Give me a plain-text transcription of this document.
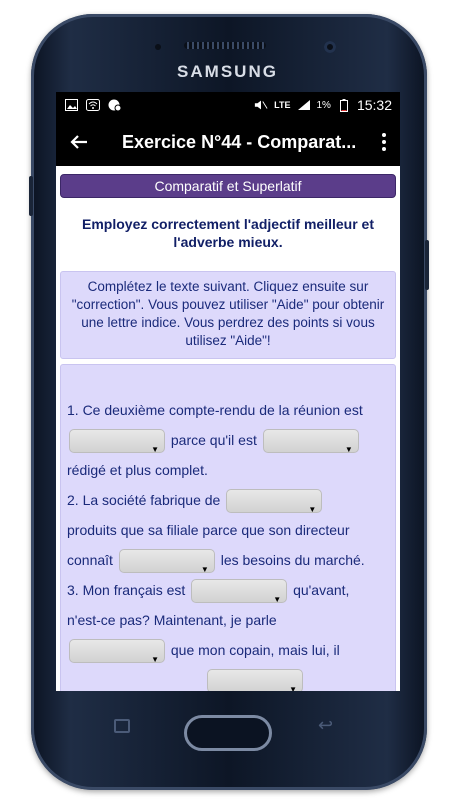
SAMSUNG
LTE	1% 15:32
Exercice N°44 - Comparat...
Comparatif et Superlatif
Employez correctement l'adjectif meilleur et l'adverbe mieux.
Complétez le texte suivant. Cliquez ensuite sur "correction". Vous pouvez utiliser "Aide" pour obtenir une lettre indice. Vous perdrez des points si vous utilisez "Aide"!
1. Ce deuxième compte-rendu de la réunion est
▼ parce qu'il est ▼
rédigé et plus complet.
2. La société fabrique de ▼
produits que sa filiale parce que son directeur
connaît ▼	les besoins du marché.
3. Mon français est ▼	qu'avant,
n'est-ce pas? Maintenant, je parle
▼ que mon copain, mais lui, il
▼
↩
